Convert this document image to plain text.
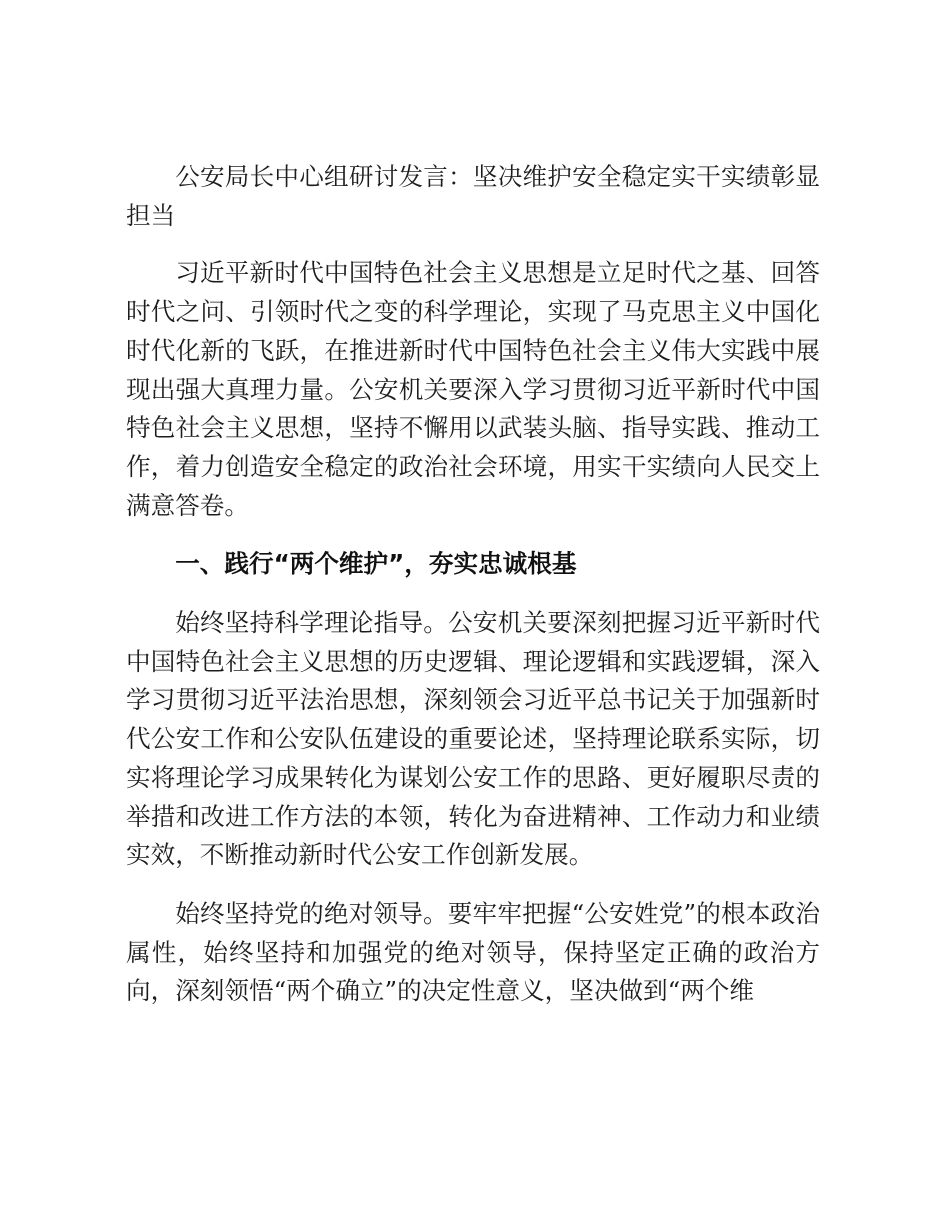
公安局长中心组研讨发言：坚决维护安全稳定实干实绩彰显担当

习近平新时代中国特色社会主义思想是立足时代之基、回答时代之问、引领时代之变的科学理论，实现了马克思主义中国化时代化新的飞跃，在推进新时代中国特色社会主义伟大实践中展现出强大真理力量。公安机关要深入学习贯彻习近平新时代中国特色社会主义思想，坚持不懈用以武装头脑、指导实践、推动工作，着力创造安全稳定的政治社会环境，用实干实绩向人民交上满意答卷。

一、践行“两个维护”，夯实忠诚根基

始终坚持科学理论指导。公安机关要深刻把握习近平新时代中国特色社会主义思想的历史逻辑、理论逻辑和实践逻辑，深入学习贯彻习近平法治思想，深刻领会习近平总书记关于加强新时代公安工作和公安队伍建设的重要论述，坚持理论联系实际，切实将理论学习成果转化为谋划公安工作的思路、更好履职尽责的举措和改进工作方法的本领，转化为奋进精神、工作动力和业绩实效，不断推动新时代公安工作创新发展。

始终坚持党的绝对领导。要牢牢把握“公安姓党”的根本政治属性，始终坚持和加强党的绝对领导，保持坚定正确的政治方向，深刻领悟“两个确立”的决定性意义，坚决做到“两个维
